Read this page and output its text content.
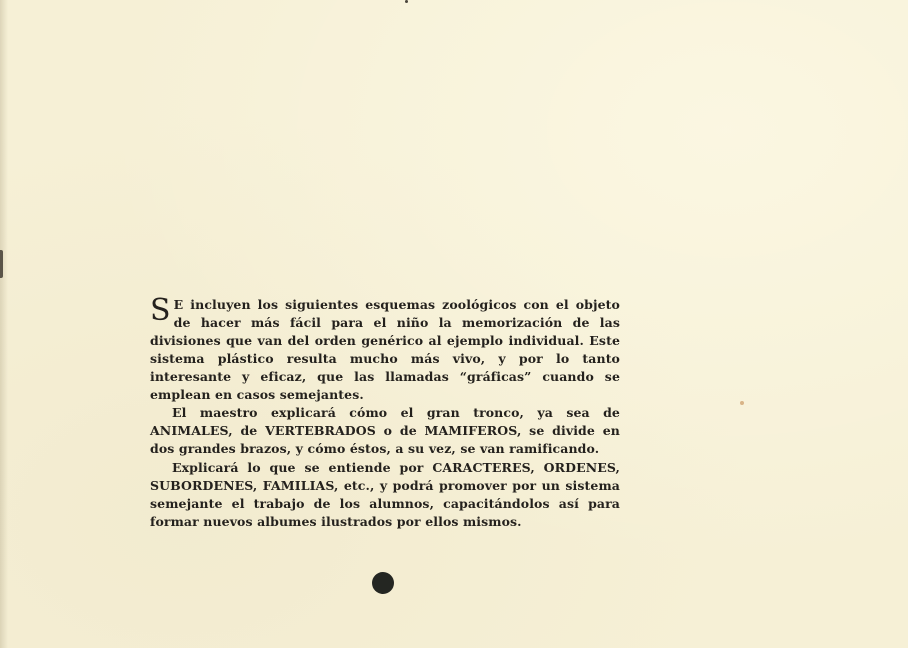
S E incluyen los siguientes esquemas zoológicos con el objeto de hacer más fácil para el niño la memorización de las divisiones que van del orden genérico al ejemplo individual. Este sistema plástico resulta mucho más vivo, y por lo tanto interesante y eficaz, que las llamadas “gráficas” cuando se emplean en casos semejantes.

El maestro explicará cómo el gran tronco, ya sea de ANIMALES, de VERTEBRADOS o de MAMIFEROS, se divide en dos grandes brazos, y cómo éstos, a su vez, se van ramificando.

Explicará lo que se entiende por CARACTERES, ORDENES, SUBORDENES, FAMILIAS, etc., y podrá promover por un sistema semejante el trabajo de los alumnos, capacitándolos así para formar nuevos albumes ilustrados por ellos mismos.
